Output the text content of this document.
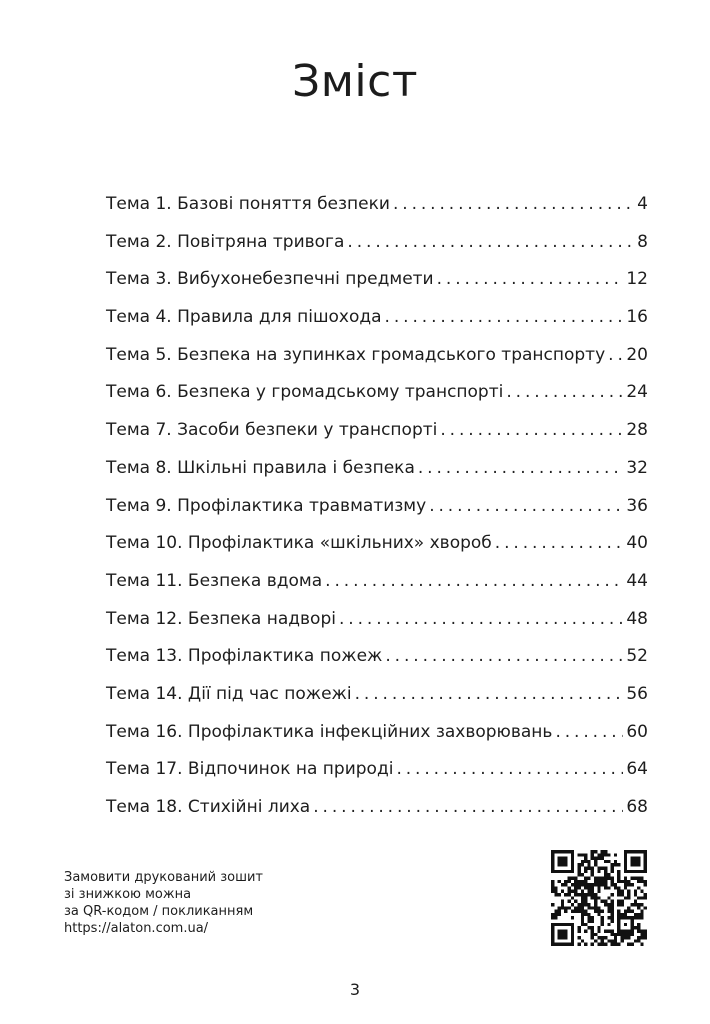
Зміст
Тема 1. Базові поняття безпеки . . .	4
Тема 2. Повітряна тривога . . .	8
Тема 3. Вибухонебезпечні предмети . . .	12
Тема 4. Правила для пішохода . . .	16
Тема 5. Безпека на зупинках громадського транспорту . . . 20
Тема 6. Безпека у громадському транспорті . . .	24
Тема 7. Засоби безпеки у транспорті . . .	28
Тема 8. Шкільні правила і безпека . . .	32
Тема 9. Профілактика травматизму . . .	36
Тема 10. Профілактика «шкільних» хвороб . . .	40
Тема 11. Безпека вдома . . .	44
Тема 12. Безпека надворі . . .	48
Тема 13. Профілактика пожеж . . .	52
Тема 14. Дії під час пожежі . . .	56
Тема 16. Профілактика інфекційних захворювань . . .	60
Тема 17. Відпочинок на природі . . .	64
Тема 18. Стихійні лиха . . .	68
Замовити друкований зошит
зі знижкою можна
за QR-кодом / покликанням
https://alaton.com.ua/
3
